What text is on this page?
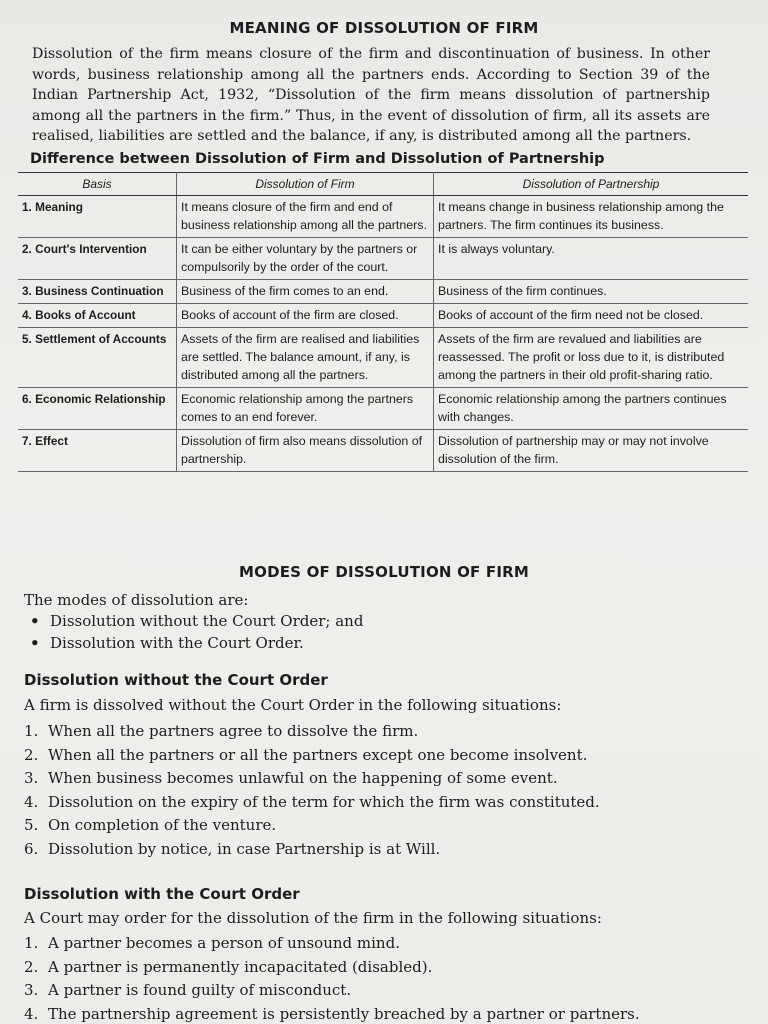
MEANING OF DISSOLUTION OF FIRM
Dissolution of the firm means closure of the firm and discontinuation of business. In other words, business relationship among all the partners ends. According to Section 39 of the Indian Partnership Act, 1932, “Dissolution of the firm means dissolution of partnership among all the partners in the firm.” Thus, in the event of dissolution of firm, all its assets are realised, liabilities are settled and the balance, if any, is distributed among all the partners.
Difference between Dissolution of Firm and Dissolution of Partnership
Basis	Dissolution of Firm	Dissolution of Partnership
1. Meaning	It means closure of the firm and end of business relationship among all the partners.	It means change in business relationship among the partners. The firm continues its business.
2. Court's Intervention	It can be either voluntary by the partners or compulsorily by the order of the court.	It is always voluntary.
3. Business Continuation	Business of the firm comes to an end.	Business of the firm continues.
4. Books of Account	Books of account of the firm are closed.	Books of account of the firm need not be closed.
5. Settlement of Accounts	Assets of the firm are realised and liabilities are settled. The balance amount, if any, is distributed among all the partners.	Assets of the firm are revalued and liabilities are reassessed. The profit or loss due to it, is distributed among the partners in their old profit-sharing ratio.
6. Economic Relationship	Economic relationship among the partners comes to an end forever.	Economic relationship among the partners continues with changes.
7. Effect	Dissolution of firm also means dissolution of partnership.	Dissolution of partnership may or may not involve dissolution of the firm.
MODES OF DISSOLUTION OF FIRM
The modes of dissolution are:
• Dissolution without the Court Order; and
• Dissolution with the Court Order.
Dissolution without the Court Order
A firm is dissolved without the Court Order in the following situations:
1. When all the partners agree to dissolve the firm.
2. When all the partners or all the partners except one become insolvent.
3. When business becomes unlawful on the happening of some event.
4. Dissolution on the expiry of the term for which the firm was constituted.
5. On completion of the venture.
6. Dissolution by notice, in case Partnership is at Will.
Dissolution with the Court Order
A Court may order for the dissolution of the firm in the following situations:
1. A partner becomes a person of unsound mind.
2. A partner is permanently incapacitated (disabled).
3. A partner is found guilty of misconduct.
4. The partnership agreement is persistently breached by a partner or partners.
